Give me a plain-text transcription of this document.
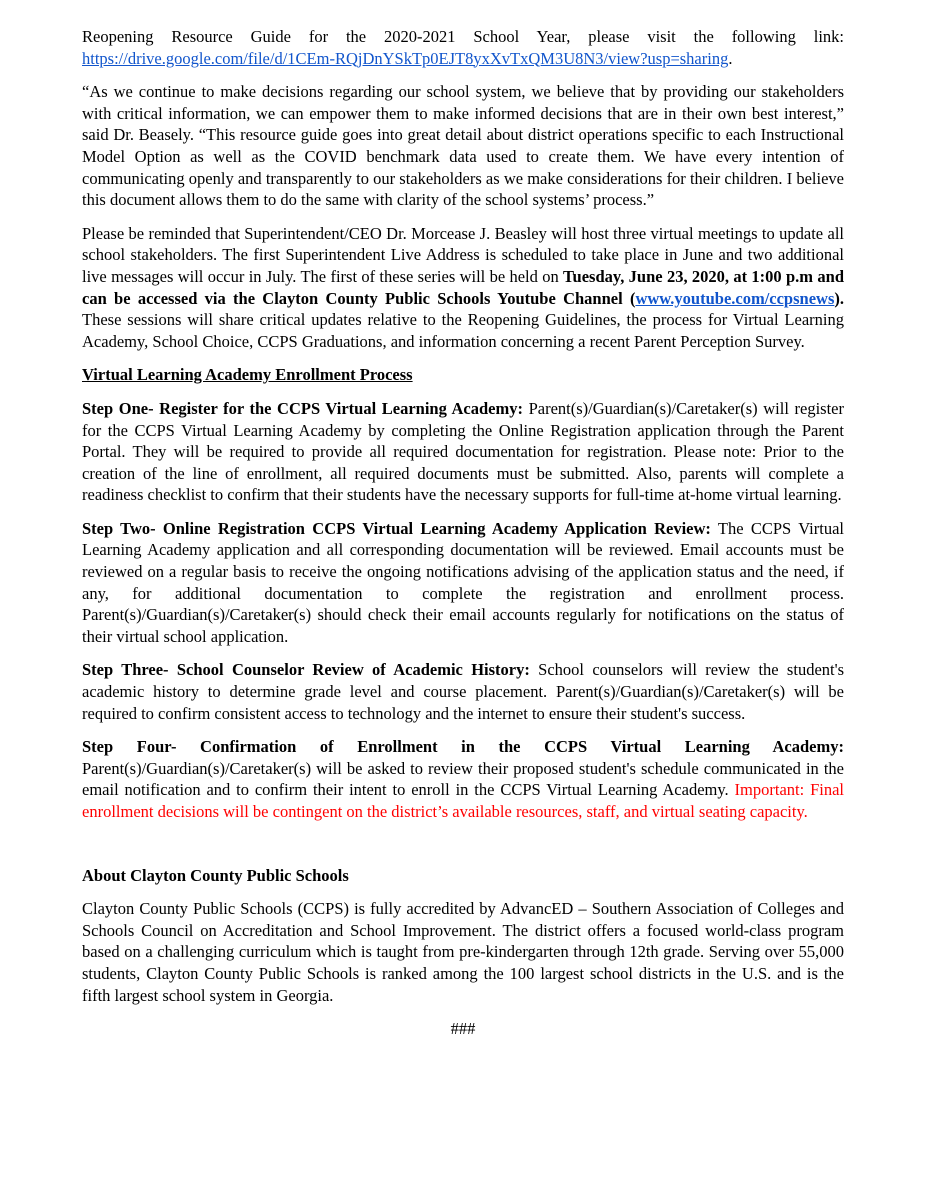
Reopening Resource Guide for the 2020-2021 School Year, please visit the following link: https://drive.google.com/file/d/1CEm-RQjDnYSkTp0EJT8yxXvTxQM3U8N3/view?usp=sharing.

“As we continue to make decisions regarding our school system, we believe that by providing our stakeholders with critical information, we can empower them to make informed decisions that are in their own best interest,” said Dr. Beasely. “This resource guide goes into great detail about district operations specific to each Instructional Model Option as well as the COVID benchmark data used to create them. We have every intention of communicating openly and transparently to our stakeholders as we make considerations for their children. I believe this document allows them to do the same with clarity of the school systems’ process.”

Please be reminded that Superintendent/CEO Dr. Morcease J. Beasley will host three virtual meetings to update all school stakeholders. The first Superintendent Live Address is scheduled to take place in June and two additional live messages will occur in July. The first of these series will be held on Tuesday, June 23, 2020, at 1:00 p.m and can be accessed via the Clayton County Public Schools Youtube Channel (www.youtube.com/ccpsnews). These sessions will share critical updates relative to the Reopening Guidelines, the process for Virtual Learning Academy, School Choice, CCPS Graduations, and information concerning a recent Parent Perception Survey.

Virtual Learning Academy Enrollment Process

Step One- Register for the CCPS Virtual Learning Academy: Parent(s)/Guardian(s)/Caretaker(s) will register for the CCPS Virtual Learning Academy by completing the Online Registration application through the Parent Portal. They will be required to provide all required documentation for registration. Please note: Prior to the creation of the line of enrollment, all required documents must be submitted. Also, parents will complete a readiness checklist to confirm that their students have the necessary supports for full-time at-home virtual learning.

Step Two- Online Registration CCPS Virtual Learning Academy Application Review: The CCPS Virtual Learning Academy application and all corresponding documentation will be reviewed. Email accounts must be reviewed on a regular basis to receive the ongoing notifications advising of the application status and the need, if any, for additional documentation to complete the registration and enrollment process. Parent(s)/Guardian(s)/Caretaker(s) should check their email accounts regularly for notifications on the status of their virtual school application.

Step Three- School Counselor Review of Academic History: School counselors will review the student's academic history to determine grade level and course placement. Parent(s)/Guardian(s)/Caretaker(s) will be required to confirm consistent access to technology and the internet to ensure their student's success.

Step Four- Confirmation of Enrollment in the CCPS Virtual Learning Academy: Parent(s)/Guardian(s)/Caretaker(s) will be asked to review their proposed student's schedule communicated in the email notification and to confirm their intent to enroll in the CCPS Virtual Learning Academy. Important: Final enrollment decisions will be contingent on the district’s available resources, staff, and virtual seating capacity.

About Clayton County Public Schools

Clayton County Public Schools (CCPS) is fully accredited by AdvancED – Southern Association of Colleges and Schools Council on Accreditation and School Improvement. The district offers a focused world-class program based on a challenging curriculum which is taught from pre-kindergarten through 12th grade. Serving over 55,000 students, Clayton County Public Schools is ranked among the 100 largest school districts in the U.S. and is the fifth largest school system in Georgia.

###
